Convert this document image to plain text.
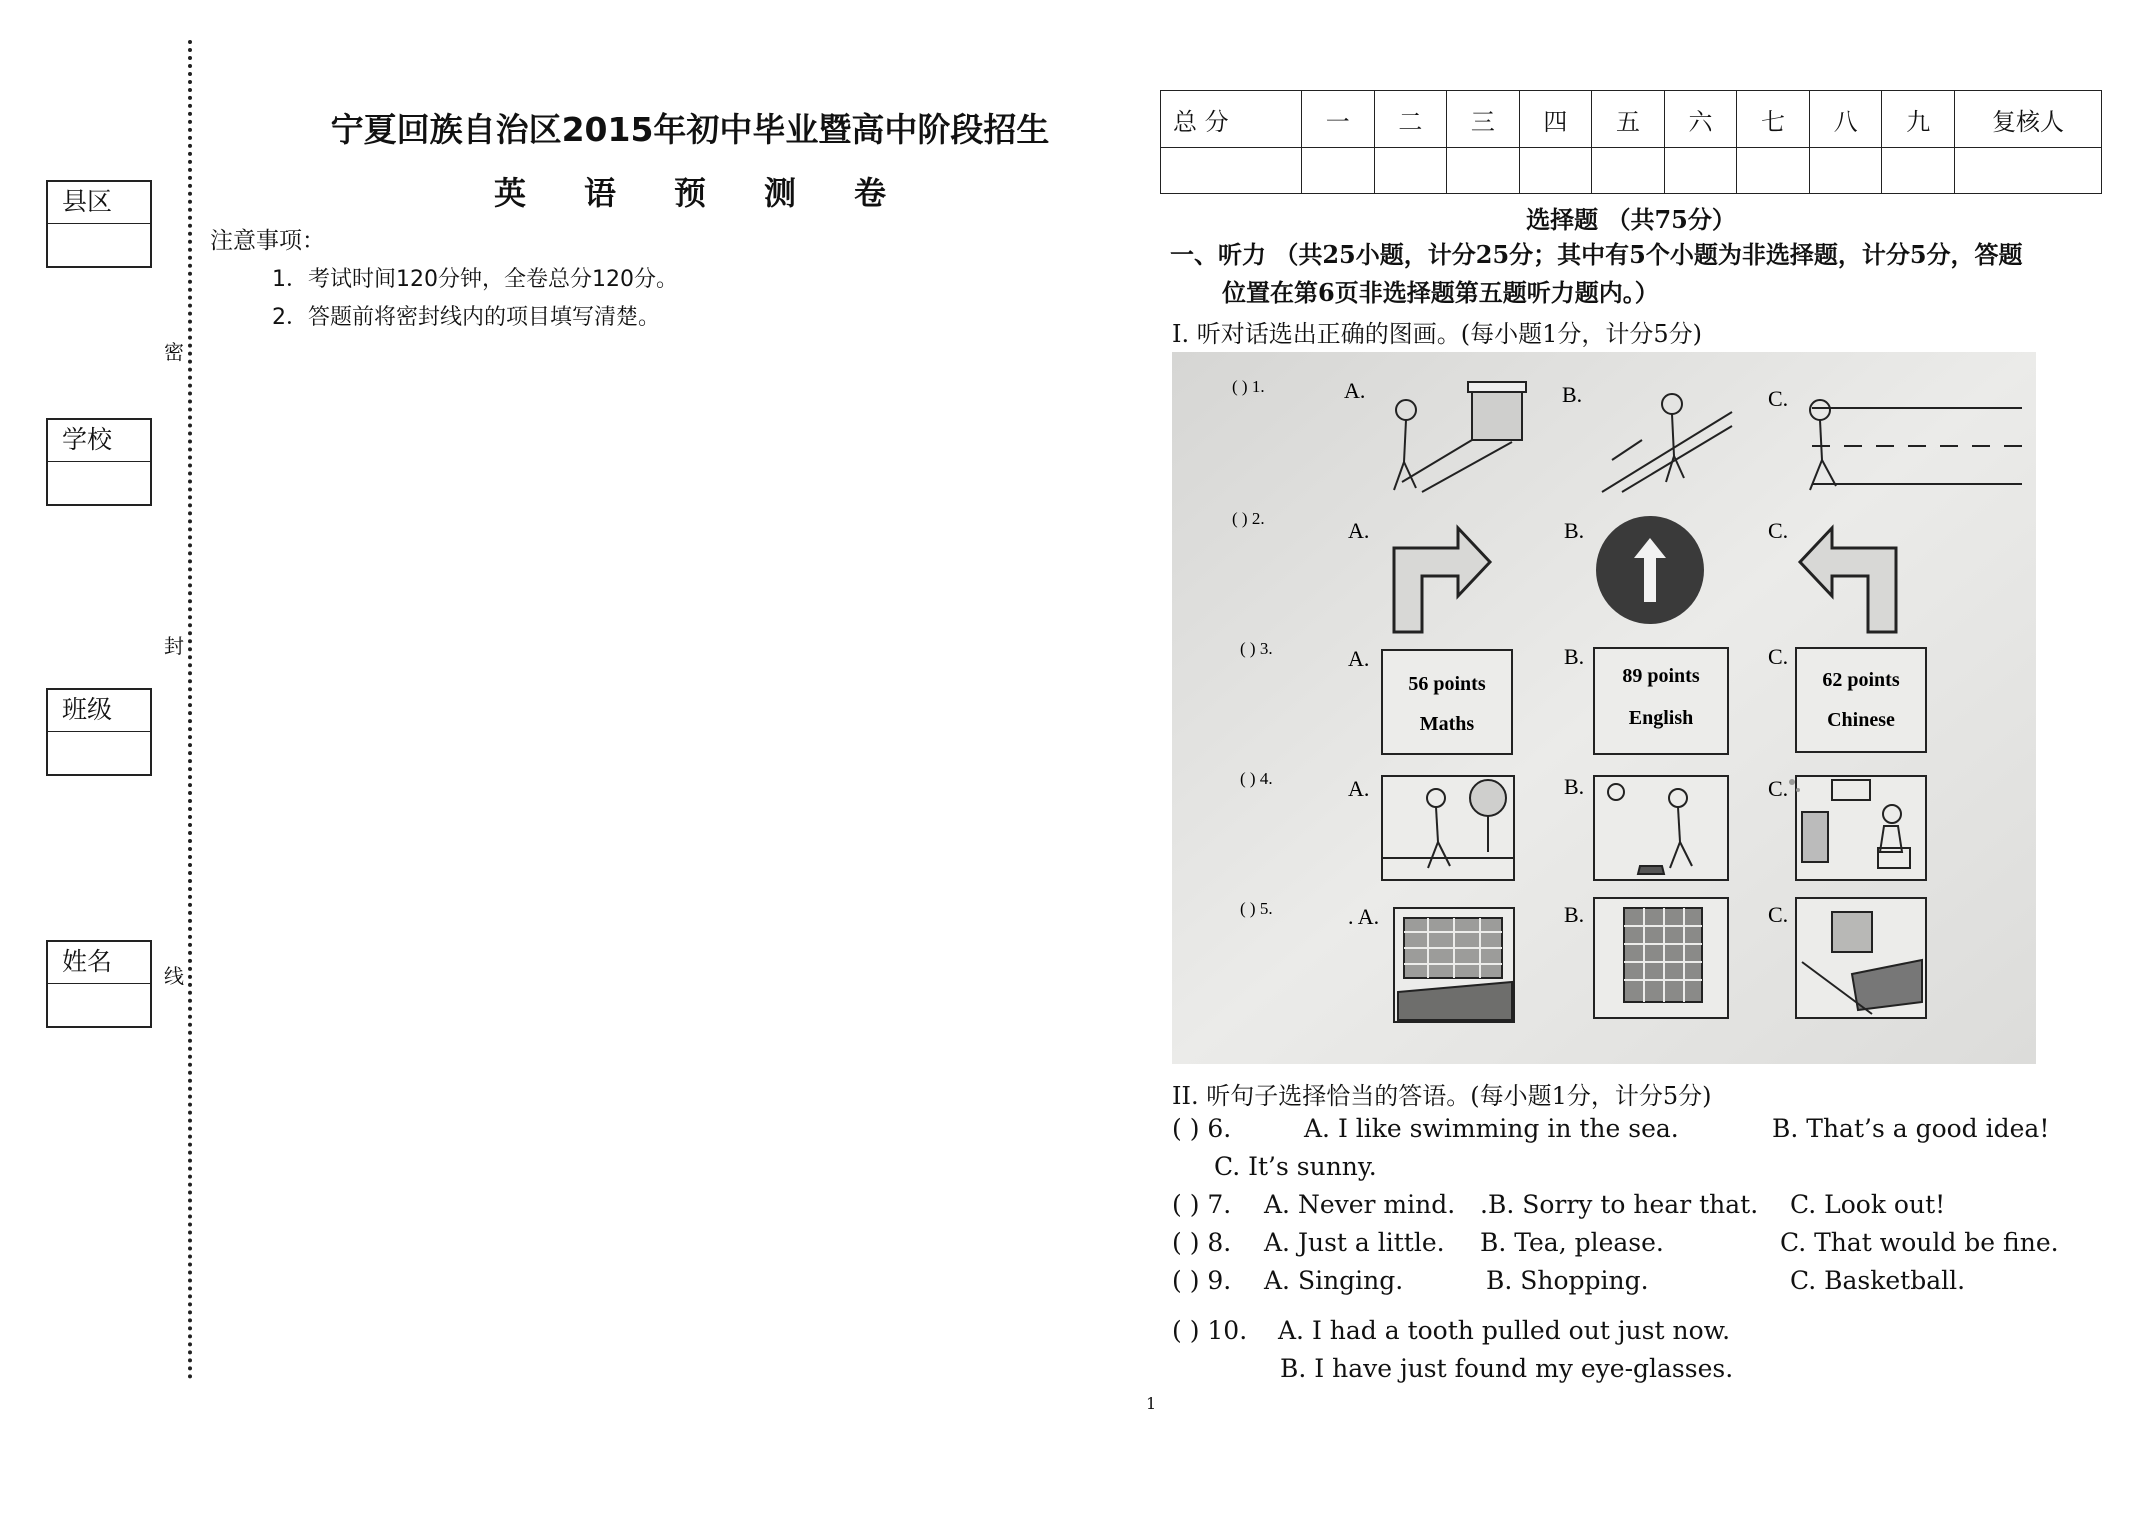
县区
学校
班级
姓名
密
封
线
宁夏回族自治区2015年初中毕业暨高中阶段招生
英语预测卷
注意事项：
1．考试时间120分钟，全卷总分120分。
2．答题前将密封线内的项目填写清楚。
总 分	一	二	三	四	五	六	七	八	九	复核人

选择题 （共75分）
一、听力 （共25小题，计分25分；其中有5个小题为非选择题，计分5分，答题
位置在第6页非选择题第五题听力题内。）
I. 听对话选出正确的图画。(每小题1分，计分5分)
( ) 1.
( ) 2.
( ) 3.
( ) 4.
( ) 5.
A.	B.	C.
A.	B.	C.
A.	B.	C.
A.	B.	C.
. A.	B.	C.
56 points
Maths
89 points
English
62 points
Chinese
II. 听句子选择恰当的答语。(每小题1分，计分5分)
( ) 6.	A. I like swimming in the sea.	B. That’s a good idea!
C. It’s sunny.
( ) 7. A. Never mind. .B. Sorry to hear that. C. Look out!
( ) 8. A. Just a little. B. Tea, please.	C. That would be fine.
( ) 9. A. Singing.	B. Shopping.	C. Basketball.
( ) 10. A. I had a tooth pulled out just now.
B. I have just found my eye-glasses.
1
